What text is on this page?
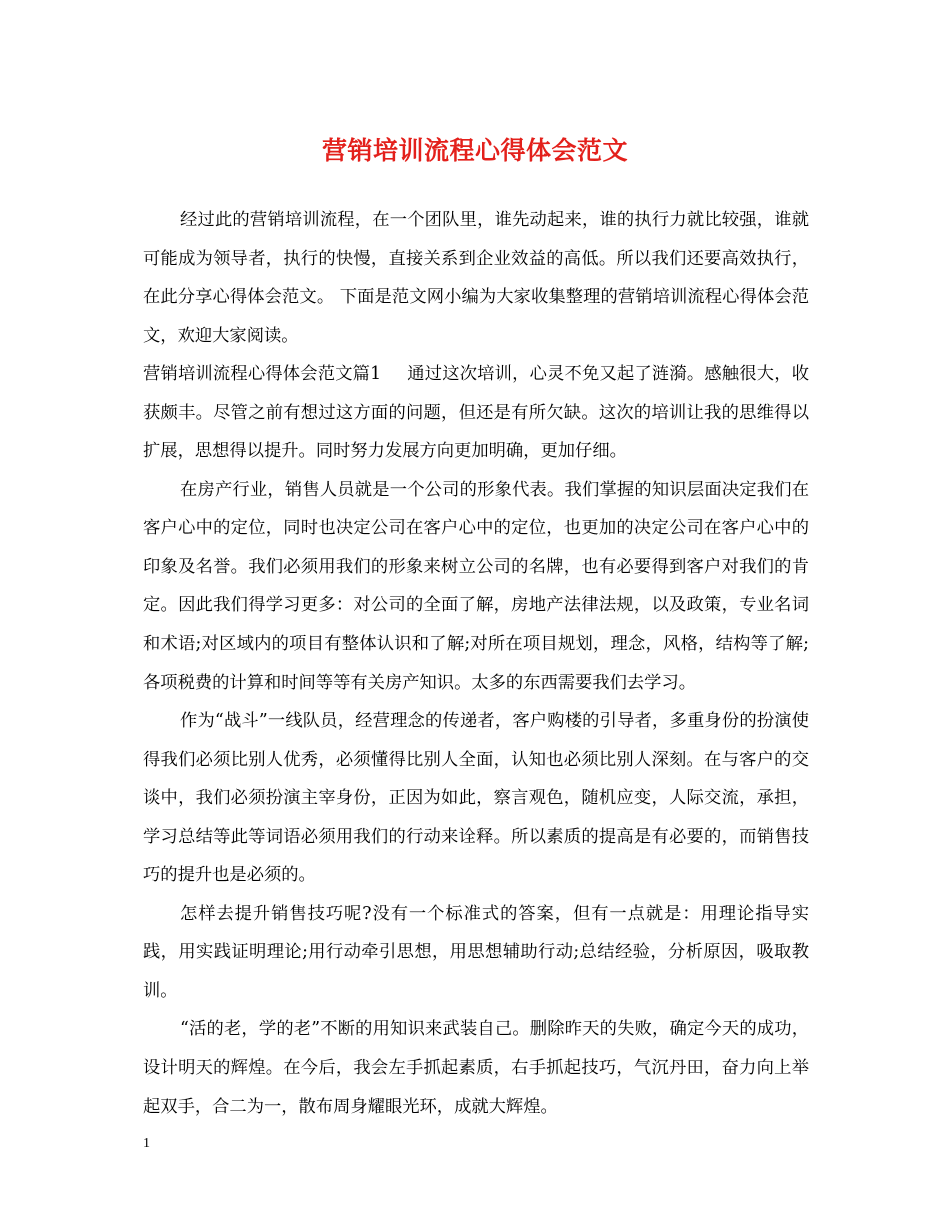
营销培训流程心得体会范文

经过此的营销培训流程，在一个团队里，谁先动起来，谁的执行力就比较强，谁就可能成为领导者，执行的快慢，直接关系到企业效益的高低。所以我们还要高效执行，在此分享心得体会范文。 下面是范文网小编为大家收集整理的营销培训流程心得体会范文，欢迎大家阅读。

营销培训流程心得体会范文篇1 通过这次培训，心灵不免又起了涟漪。感触很大，收获颇丰。尽管之前有想过这方面的问题，但还是有所欠缺。这次的培训让我的思维得以扩展，思想得以提升。同时努力发展方向更加明确，更加仔细。

在房产行业，销售人员就是一个公司的形象代表。我们掌握的知识层面决定我们在客户心中的定位，同时也决定公司在客户心中的定位，也更加的决定公司在客户心中的印象及名誉。我们必须用我们的形象来树立公司的名牌，也有必要得到客户对我们的肯定。因此我们得学习更多：对公司的全面了解，房地产法律法规，以及政策，专业名词和术语;对区域内的项目有整体认识和了解;对所在项目规划，理念，风格，结构等了解;各项税费的计算和时间等等有关房产知识。太多的东西需要我们去学习。

作为“战斗”一线队员，经营理念的传递者，客户购楼的引导者，多重身份的扮演使得我们必须比别人优秀，必须懂得比别人全面，认知也必须比别人深刻。在与客户的交谈中，我们必须扮演主宰身份，正因为如此，察言观色，随机应变，人际交流，承担，学习总结等此等词语必须用我们的行动来诠释。所以素质的提高是有必要的，而销售技巧的提升也是必须的。

怎样去提升销售技巧呢?没有一个标准式的答案，但有一点就是：用理论指导实践，用实践证明理论;用行动牵引思想，用思想辅助行动;总结经验，分析原因，吸取教训。

“活的老，学的老”不断的用知识来武装自己。删除昨天的失败，确定今天的成功，设计明天的辉煌。在今后，我会左手抓起素质，右手抓起技巧，气沉丹田，奋力向上举起双手，合二为一，散布周身耀眼光环，成就大辉煌。

1
